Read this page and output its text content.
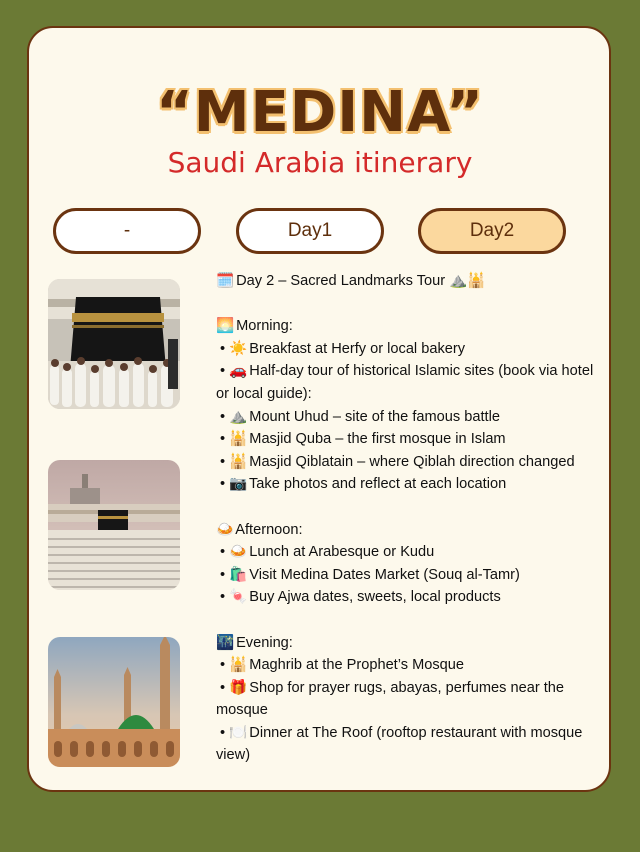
“MEDINA”
Saudi Arabia itinerary
-	Day1	Day2

🗓️ Day 2 – Sacred Landmarks Tour ⛰️🕌

🌅 Morning:

• ☀️ Breakfast at Herfy or local bakery

• 🚗 Half-day tour of historical Islamic sites (book via hotel or local guide):

• ⛰️ Mount Uhud – site of the famous battle

• 🕌 Masjid Quba – the first mosque in Islam

• 🕌 Masjid Qiblatain – where Qiblah direction changed

• 📷 Take photos and reflect at each location

🍛 Afternoon:

• 🍛 Lunch at Arabesque or Kudu

• 🛍️ Visit Medina Dates Market (Souq al-Tamr)

• 🍬 Buy Ajwa dates, sweets, local products

🌃 Evening:

• 🕌 Maghrib at the Prophet’s Mosque

• 🎁 Shop for prayer rugs, abayas, perfumes near the mosque

• 🍽️ Dinner at The Roof (rooftop restaurant with mosque view)
